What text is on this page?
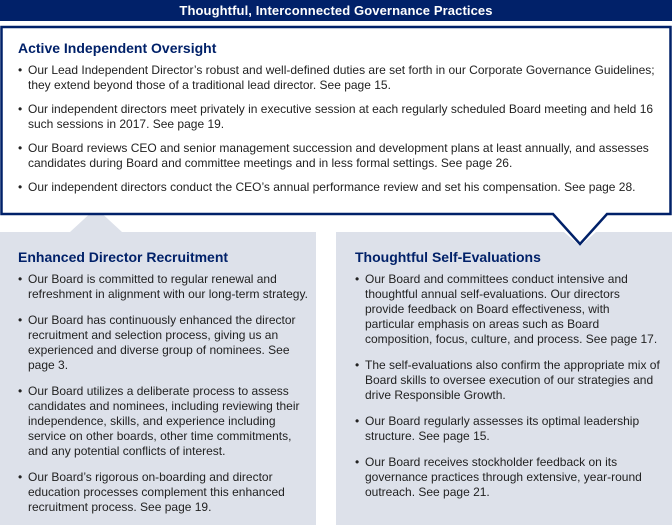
Thoughtful, Interconnected Governance Practices
Active Independent Oversight
• Our Lead Independent Director’s robust and well-defined duties are set forth in our Corporate Governance Guidelines; they extend beyond those of a traditional lead director. See page 15.
• Our independent directors meet privately in executive session at each regularly scheduled Board meeting and held 16 such sessions in 2017. See page 19.
• Our Board reviews CEO and senior management succession and development plans at least annually, and assesses candidates during Board and committee meetings and in less formal settings. See page 26.
• Our independent directors conduct the CEO’s annual performance review and set his compensation. See page 28.
Enhanced Director Recruitment
• Our Board is committed to regular renewal and refreshment in alignment with our long-term strategy.
• Our Board has continuously enhanced the director recruitment and selection process, giving us an experienced and diverse group of nominees. See page 3.
• Our Board utilizes a deliberate process to assess candidates and nominees, including reviewing their independence, skills, and experience including service on other boards, other time commitments, and any potential conflicts of interest.
• Our Board’s rigorous on-boarding and director education processes complement this enhanced recruitment process. See page 19.
Thoughtful Self-Evaluations
• Our Board and committees conduct intensive and thoughtful annual self-evaluations. Our directors provide feedback on Board effectiveness, with particular emphasis on areas such as Board composition, focus, culture, and process. See page 17.
• The self-evaluations also confirm the appropriate mix of Board skills to oversee execution of our strategies and drive Responsible Growth.
• Our Board regularly assesses its optimal leadership structure. See page 15.
• Our Board receives stockholder feedback on its governance practices through extensive, year-round outreach. See page 21.
